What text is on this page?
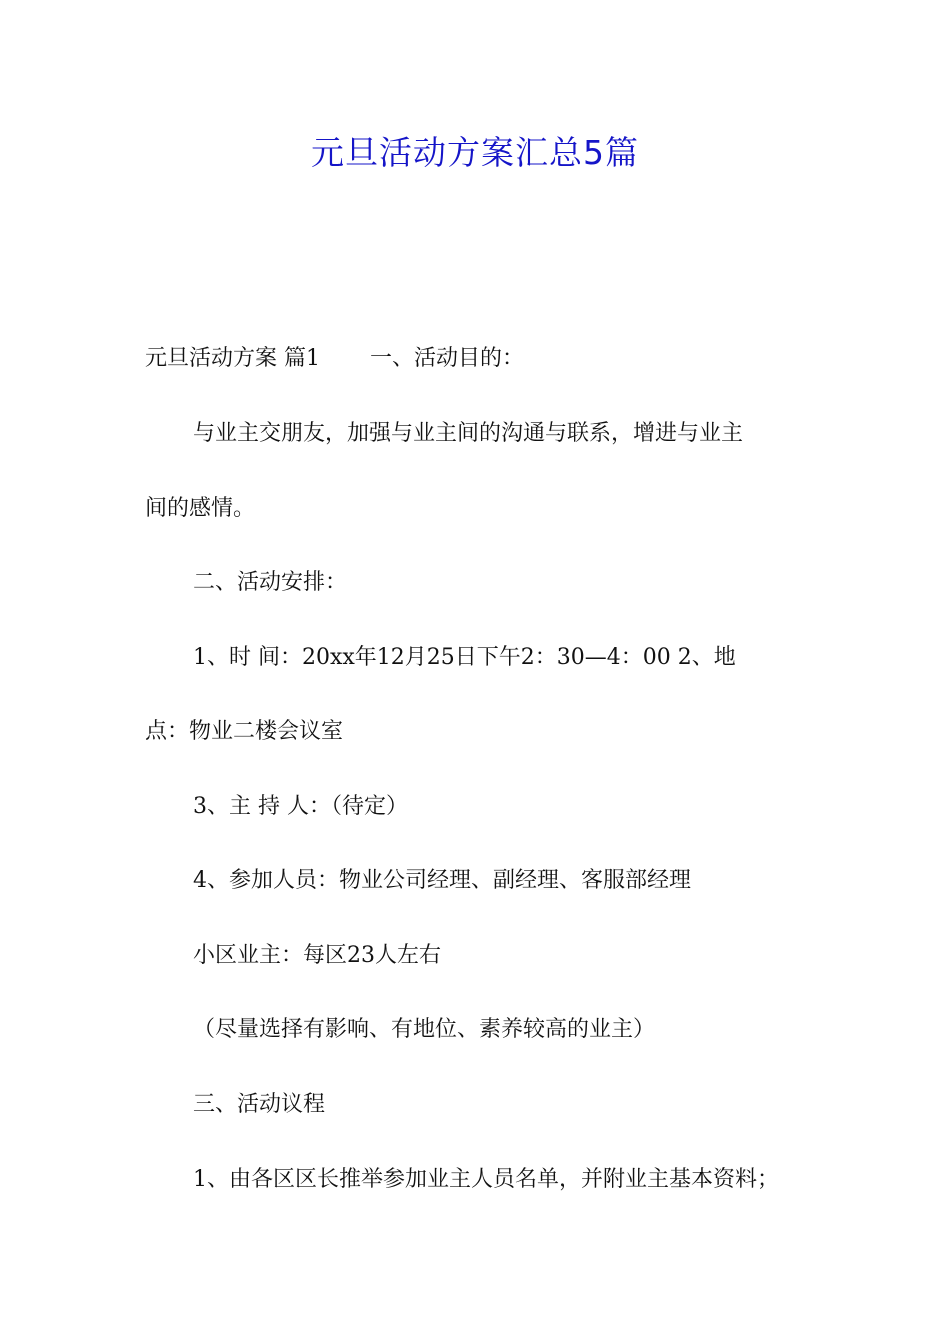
元旦活动方案汇总5篇
元旦活动方案 篇1 一、活动目的：
与业主交朋友，加强与业主间的沟通与联系，增进与业主
间的感情。
二、活动安排：
1、时 间：20xx年12月25日下午2：30—4：00 2、地
点：物业二楼会议室
3、主 持 人：（待定）
4、参加人员：物业公司经理、副经理、客服部经理
小区业主：每区23人左右
（尽量选择有影响、有地位、素养较高的业主）
三、活动议程
1、由各区区长推举参加业主人员名单，并附业主基本资料；
